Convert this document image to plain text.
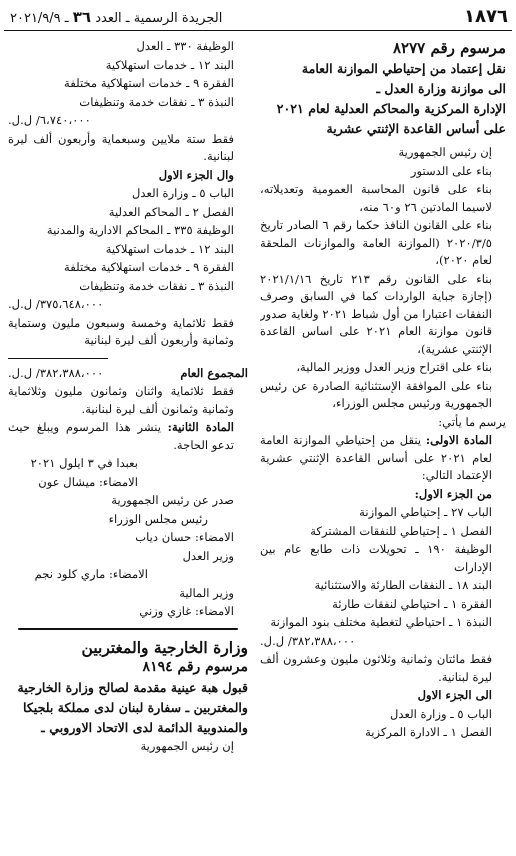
١٨٧٦
الجريدة الرسمية ـ العدد ٣٦ ـ ٢٠٢١/٩/٩

مرسوم رقم ٨٢٧٧

نقل إعتماد من إحتياطي الموازنة العامة

الى موازنة وزارة العدل ـ

الإدارة المركزية والمحاكم العدلية لعام ٢٠٢١

على أساس القاعدة الإثنتي عشرية

إن رئيس الجمهورية

بناء على الدستور

بناء على قانون المحاسبة العمومية وتعديلاته، لاسيما المادتين ٢٦ و٦٠ منه،

بناء على القانون النافذ حكما رقم ٦ الصادر تاريخ ٢٠٢٠/٣/٥ (الموازنة العامة والموازنات الملحقة لعام ٢٠٢٠)،

بناء على القانون رقم ٢١٣ تاريخ ٢٠٢١/١/١٦ (إجازة جباية الواردات كما في السابق وصرف النفقات اعتبارا من أول شباط ٢٠٢١ ولغاية صدور قانون موازنة العام ٢٠٢١ على اساس القاعدة الإثنتي عشرية)،

بناء على اقتراح وزير العدل ووزير المالية،

بناء على الموافقة الإستثنائية الصادرة عن رئيس الجمهورية ورئيس مجلس الوزراء،

يرسم ما يأتي:

المادة الاولى: ينقل من إحتياطي الموازنة العامة لعام ٢٠٢١ على أساس القاعدة الإثنتي عشرية الإعتماد التالي:

من الجزء الاول:

الباب ٢٧ ـ إحتياطي الموازنة

الفصل ١ ـ إحتياطي للنفقات المشتركة

الوظيفة ١٩٠ ـ تحويلات ذات طابع عام بين الإدارات

البند ١٨ ـ النفقات الطارئة والاستثنائية

الفقرة ١ ـ احتياطي لنفقات طارئة

النبذة ١ ـ احتياطي لتغطية مختلف بنود الموازنة

٣٨٢،٣٨٨،٠٠٠/ ل.ل.

فقط مائتان وثمانية وثلاثون مليون وعشرون ألف ليرة لبنانية.

الى الجزء الاول

الباب ٥ ـ وزارة العدل

الفصل ١ ـ الادارة المركزية

الوظيفة ٣٣٠ ـ العدل

البند ١٢ ـ خدمات استهلاكية

الفقرة ٩ ـ خدمات استهلاكية مختلفة

النبذة ٣ ـ نفقات خدمة وتنظيفات

٦،٧٤٠،٠٠٠/ ل.ل.

فقط ستة ملايين وسبعماية وأربعون ألف ليرة لبنانية.

وال الجزء الاول

الباب ٥ ـ وزارة العدل

الفصل ٢ ـ المحاكم العدلية

الوظيفة ٣٣٥ ـ المحاكم الادارية والمدنية

البند ١٢ ـ خدمات استهلاكية

الفقرة ٩ ـ خدمات استهلاكية مختلفة

النبذة ٣ ـ نفقات خدمة وتنظيفات

٣٧٥،٦٤٨،٠٠٠/ ل.ل.

فقط ثلاثماية وخمسة وسبعون مليون وستماية وثمانية وأربعون ألف ليرة لبنانية

المجموع العام
٣٨٢،٣٨٨،٠٠٠/ ل.ل.

فقط ثلاثماية واثنان وثمانون مليون وثلاثماية وثمانية وثمانون ألف ليرة لبنانية.

المادة الثانية: ينشر هذا المرسوم ويبلغ حيث تدعو الحاجة.

بعبدا في ٣ ايلول ٢٠٢١

الامضاء: ميشال عون

صدر عن رئيس الجمهورية

رئيس مجلس الوزراء

الامضاء: حسان دياب

وزير العدل

الامضاء: ماري كلود نجم

وزير المالية

الامضاء: غازي وزني

وزارة الخارجية والمغتربين

مرسوم رقم ٨١٩٤

قبول هبة عينية مقدمة لصالح وزارة الخارجية

والمغتربين ـ سفارة لبنان لدى مملكة بلجيكا

والمندوبية الدائمة لدى الاتحاد الاوروبي ـ

إن رئيس الجمهورية
